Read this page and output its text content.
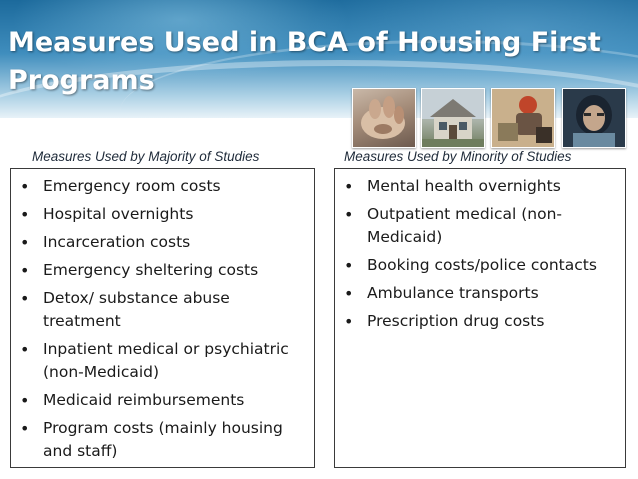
Measures Used in BCA of Housing First Programs
Measures Used by Majority of Studies	Measures Used by Minority of Studies
• Emergency room costs
• Hospital overnights
• Incarceration costs
• Emergency sheltering costs
• Detox/ substance abuse treatment
• Inpatient medical or psychiatric (non-Medicaid)
• Medicaid reimbursements
• Program costs (mainly housing and staff)
• Mental health overnights
• Outpatient medical (non-Medicaid)
• Booking costs/police contacts
• Ambulance transports
• Prescription drug costs
